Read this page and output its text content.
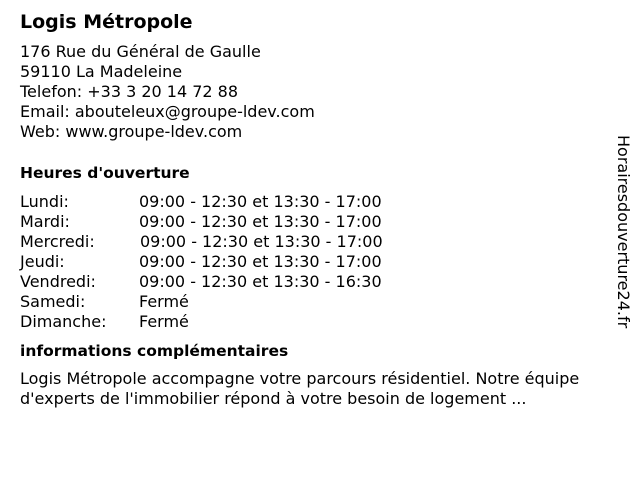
Logis Métropole
176 Rue du Général de Gaulle
59110 La Madeleine
Telefon: +33 3 20 14 72 88
Email: abouteleux@groupe-ldev.com
Web: www.groupe-ldev.com
Heures d'ouverture
Lundi:	09:00 - 12:30 et 13:30 - 17:00
Mardi:	09:00 - 12:30 et 13:30 - 17:00
Mercredi:	09:00 - 12:30 et 13:30 - 17:00
Jeudi:	09:00 - 12:30 et 13:30 - 17:00
Vendredi:	09:00 - 12:30 et 13:30 - 16:30
Samedi:	Fermé
Dimanche:	Fermé
informations complémentaires
Logis Métropole accompagne votre parcours résidentiel. Notre équipe d'experts de l'immobilier répond à votre besoin de logement ...
Horairesdouverture24.fr
